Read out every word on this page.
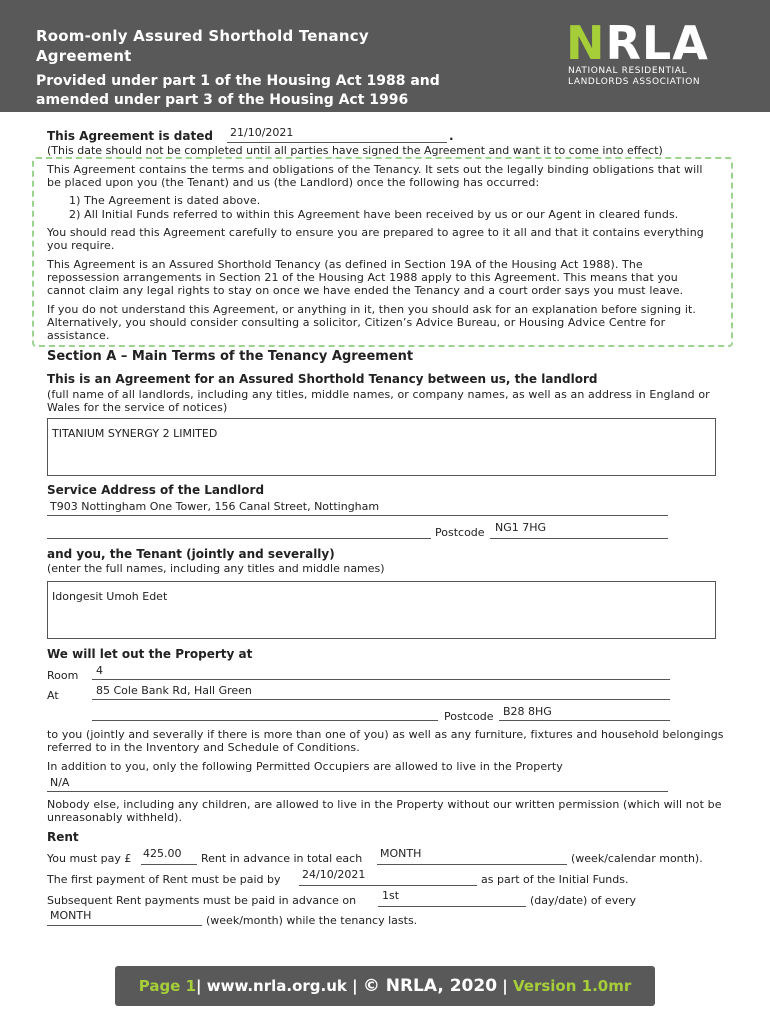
Room-only Assured Shorthold Tenancy Agreement
Provided under part 1 of the Housing Act 1988 and amended under part 3 of the Housing Act 1996
NRLA
NATIONAL RESIDENTIAL
LANDLORDS ASSOCIATION
This Agreement is dated 21/10/2021	.
(This date should not be completed until all parties have signed the Agreement and want it to come into effect)
This Agreement contains the terms and obligations of the Tenancy. It sets out the legally binding obligations that will be placed upon you (the Tenant) and us (the Landlord) once the following has occurred:
1) The Agreement is dated above.
2) All Initial Funds referred to within this Agreement have been received by us or our Agent in cleared funds.
You should read this Agreement carefully to ensure you are prepared to agree to it all and that it contains everything you require.
This Agreement is an Assured Shorthold Tenancy (as defined in Section 19A of the Housing Act 1988). The repossession arrangements in Section 21 of the Housing Act 1988 apply to this Agreement. This means that you cannot claim any legal rights to stay on once we have ended the Tenancy and a court order says you must leave.
If you do not understand this Agreement, or anything in it, then you should ask for an explanation before signing it. Alternatively, you should consider consulting a solicitor, Citizen’s Advice Bureau, or Housing Advice Centre for assistance.
Section A – Main Terms of the Tenancy Agreement
This is an Agreement for an Assured Shorthold Tenancy between us, the landlord
(full name of all landlords, including any titles, middle names, or company names, as well as an address in England or Wales for the service of notices)
TITANIUM SYNERGY 2 LIMITED
Service Address of the Landlord
T903 Nottingham One Tower, 156 Canal Street, Nottingham
Postcode NG1 7HG
and you, the Tenant (jointly and severally)
(enter the full names, including any titles and middle names)
Idongesit Umoh Edet
We will let out the Property at
Room 4
At	85 Cole Bank Rd, Hall Green
Postcode B28 8HG
to you (jointly and severally if there is more than one of you) as well as any furniture, fixtures and household belongings referred to in the Inventory and Schedule of Conditions.
In addition to you, only the following Permitted Occupiers are allowed to live in the Property
N/A
Nobody else, including any children, are allowed to live in the Property without our written permission (which will not be unreasonably withheld).
Rent
You must pay £ 425.00 Rent in advance in total each MONTH	(week/calendar month).
The first payment of Rent must be paid by 24/10/2021	as part of the Initial Funds.
Subsequent Rent payments must be paid in advance on 1st	(day/date) of every
MONTH	(week/month) while the tenancy lasts.
Page 1| www.nrla.org.uk | © NRLA, 2020 | Version 1.0mr
